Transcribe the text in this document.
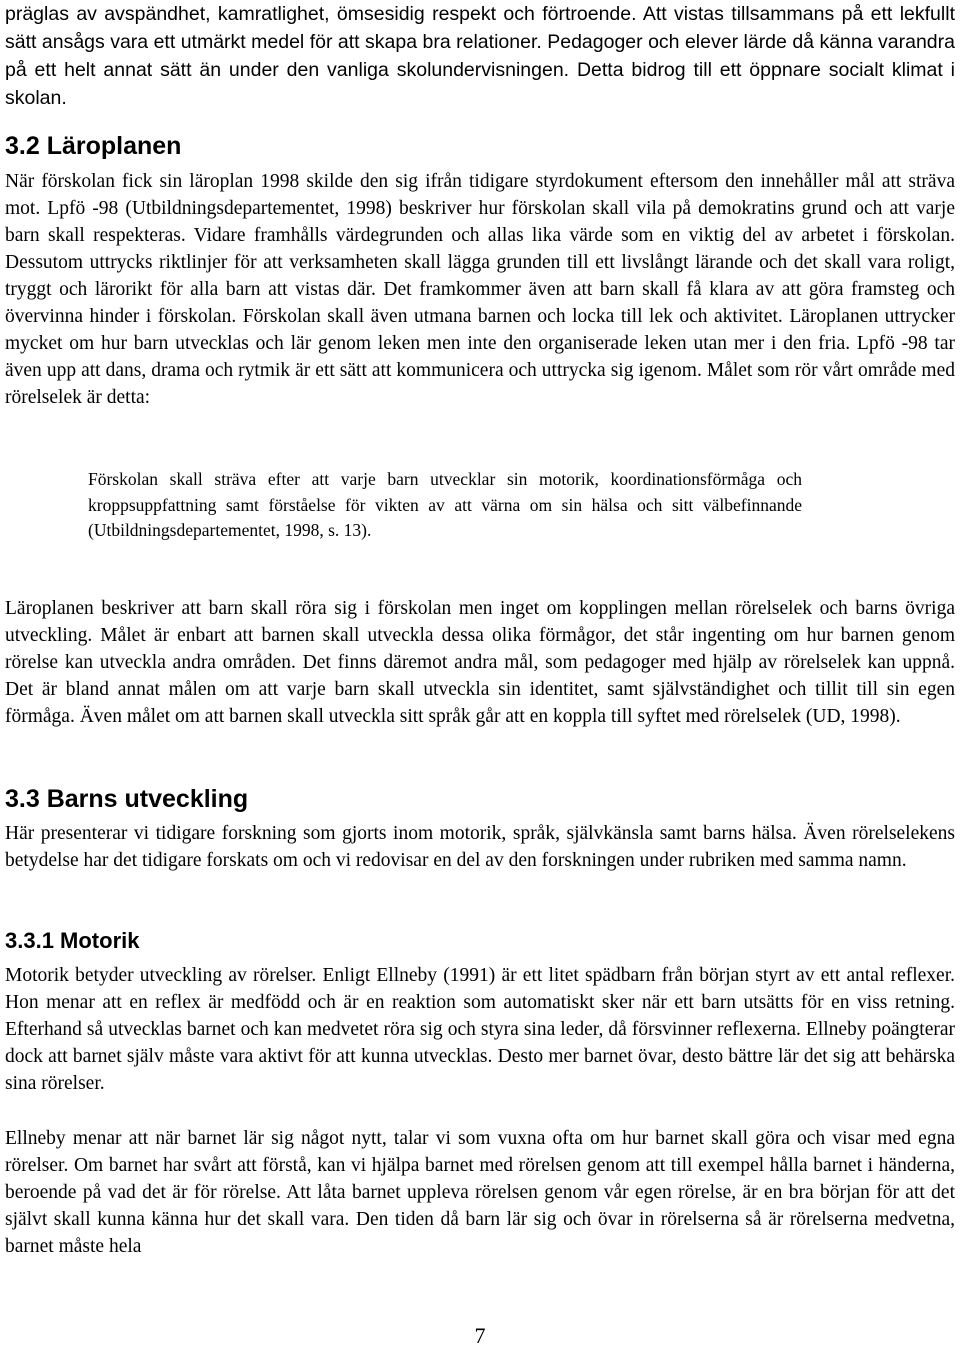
präglas av avspändhet, kamratlighet, ömsesidig respekt och förtroende. Att vistas tillsammans på ett lekfullt sätt ansågs vara ett utmärkt medel för att skapa bra relationer. Pedagoger och elever lärde då känna varandra på ett helt annat sätt än under den vanliga skolundervisningen. Detta bidrog till ett öppnare socialt klimat i skolan.

3.2 Läroplanen

När förskolan fick sin läroplan 1998 skilde den sig ifrån tidigare styrdokument eftersom den innehåller mål att sträva mot. Lpfö -98 (Utbildningsdepartementet, 1998) beskriver hur förskolan skall vila på demokratins grund och att varje barn skall respekteras. Vidare framhålls värdegrunden och allas lika värde som en viktig del av arbetet i förskolan. Dessutom uttrycks riktlinjer för att verksamheten skall lägga grunden till ett livslångt lärande och det skall vara roligt, tryggt och lärorikt för alla barn att vistas där. Det framkommer även att barn skall få klara av att göra framsteg och övervinna hinder i förskolan. Förskolan skall även utmana barnen och locka till lek och aktivitet. Läroplanen uttrycker mycket om hur barn utvecklas och lär genom leken men inte den organiserade leken utan mer i den fria. Lpfö -98 tar även upp att dans, drama och rytmik är ett sätt att kommunicera och uttrycka sig igenom. Målet som rör vårt område med rörelselek är detta:

Förskolan skall sträva efter att varje barn utvecklar sin motorik, koordinationsförmåga och kroppsuppfattning samt förståelse för vikten av att värna om sin hälsa och sitt välbefinnande (Utbildningsdepartementet, 1998, s. 13).

Läroplanen beskriver att barn skall röra sig i förskolan men inget om kopplingen mellan rörelselek och barns övriga utveckling. Målet är enbart att barnen skall utveckla dessa olika förmågor, det står ingenting om hur barnen genom rörelse kan utveckla andra områden. Det finns däremot andra mål, som pedagoger med hjälp av rörelselek kan uppnå. Det är bland annat målen om att varje barn skall utveckla sin identitet, samt självständighet och tillit till sin egen förmåga. Även målet om att barnen skall utveckla sitt språk går att en koppla till syftet med rörelselek (UD, 1998).

3.3 Barns utveckling

Här presenterar vi tidigare forskning som gjorts inom motorik, språk, självkänsla samt barns hälsa. Även rörelselekens betydelse har det tidigare forskats om och vi redovisar en del av den forskningen under rubriken med samma namn.

3.3.1 Motorik

Motorik betyder utveckling av rörelser. Enligt Ellneby (1991) är ett litet spädbarn från början styrt av ett antal reflexer. Hon menar att en reflex är medfödd och är en reaktion som automatiskt sker när ett barn utsätts för en viss retning. Efterhand så utvecklas barnet och kan medvetet röra sig och styra sina leder, då försvinner reflexerna. Ellneby poängterar dock att barnet själv måste vara aktivt för att kunna utvecklas. Desto mer barnet övar, desto bättre lär det sig att behärska sina rörelser.

Ellneby menar att när barnet lär sig något nytt, talar vi som vuxna ofta om hur barnet skall göra och visar med egna rörelser. Om barnet har svårt att förstå, kan vi hjälpa barnet med rörelsen genom att till exempel hålla barnet i händerna, beroende på vad det är för rörelse. Att låta barnet uppleva rörelsen genom vår egen rörelse, är en bra början för att det självt skall kunna känna hur det skall vara. Den tiden då barn lär sig och övar in rörelserna så är rörelserna medvetna, barnet måste hela

7
